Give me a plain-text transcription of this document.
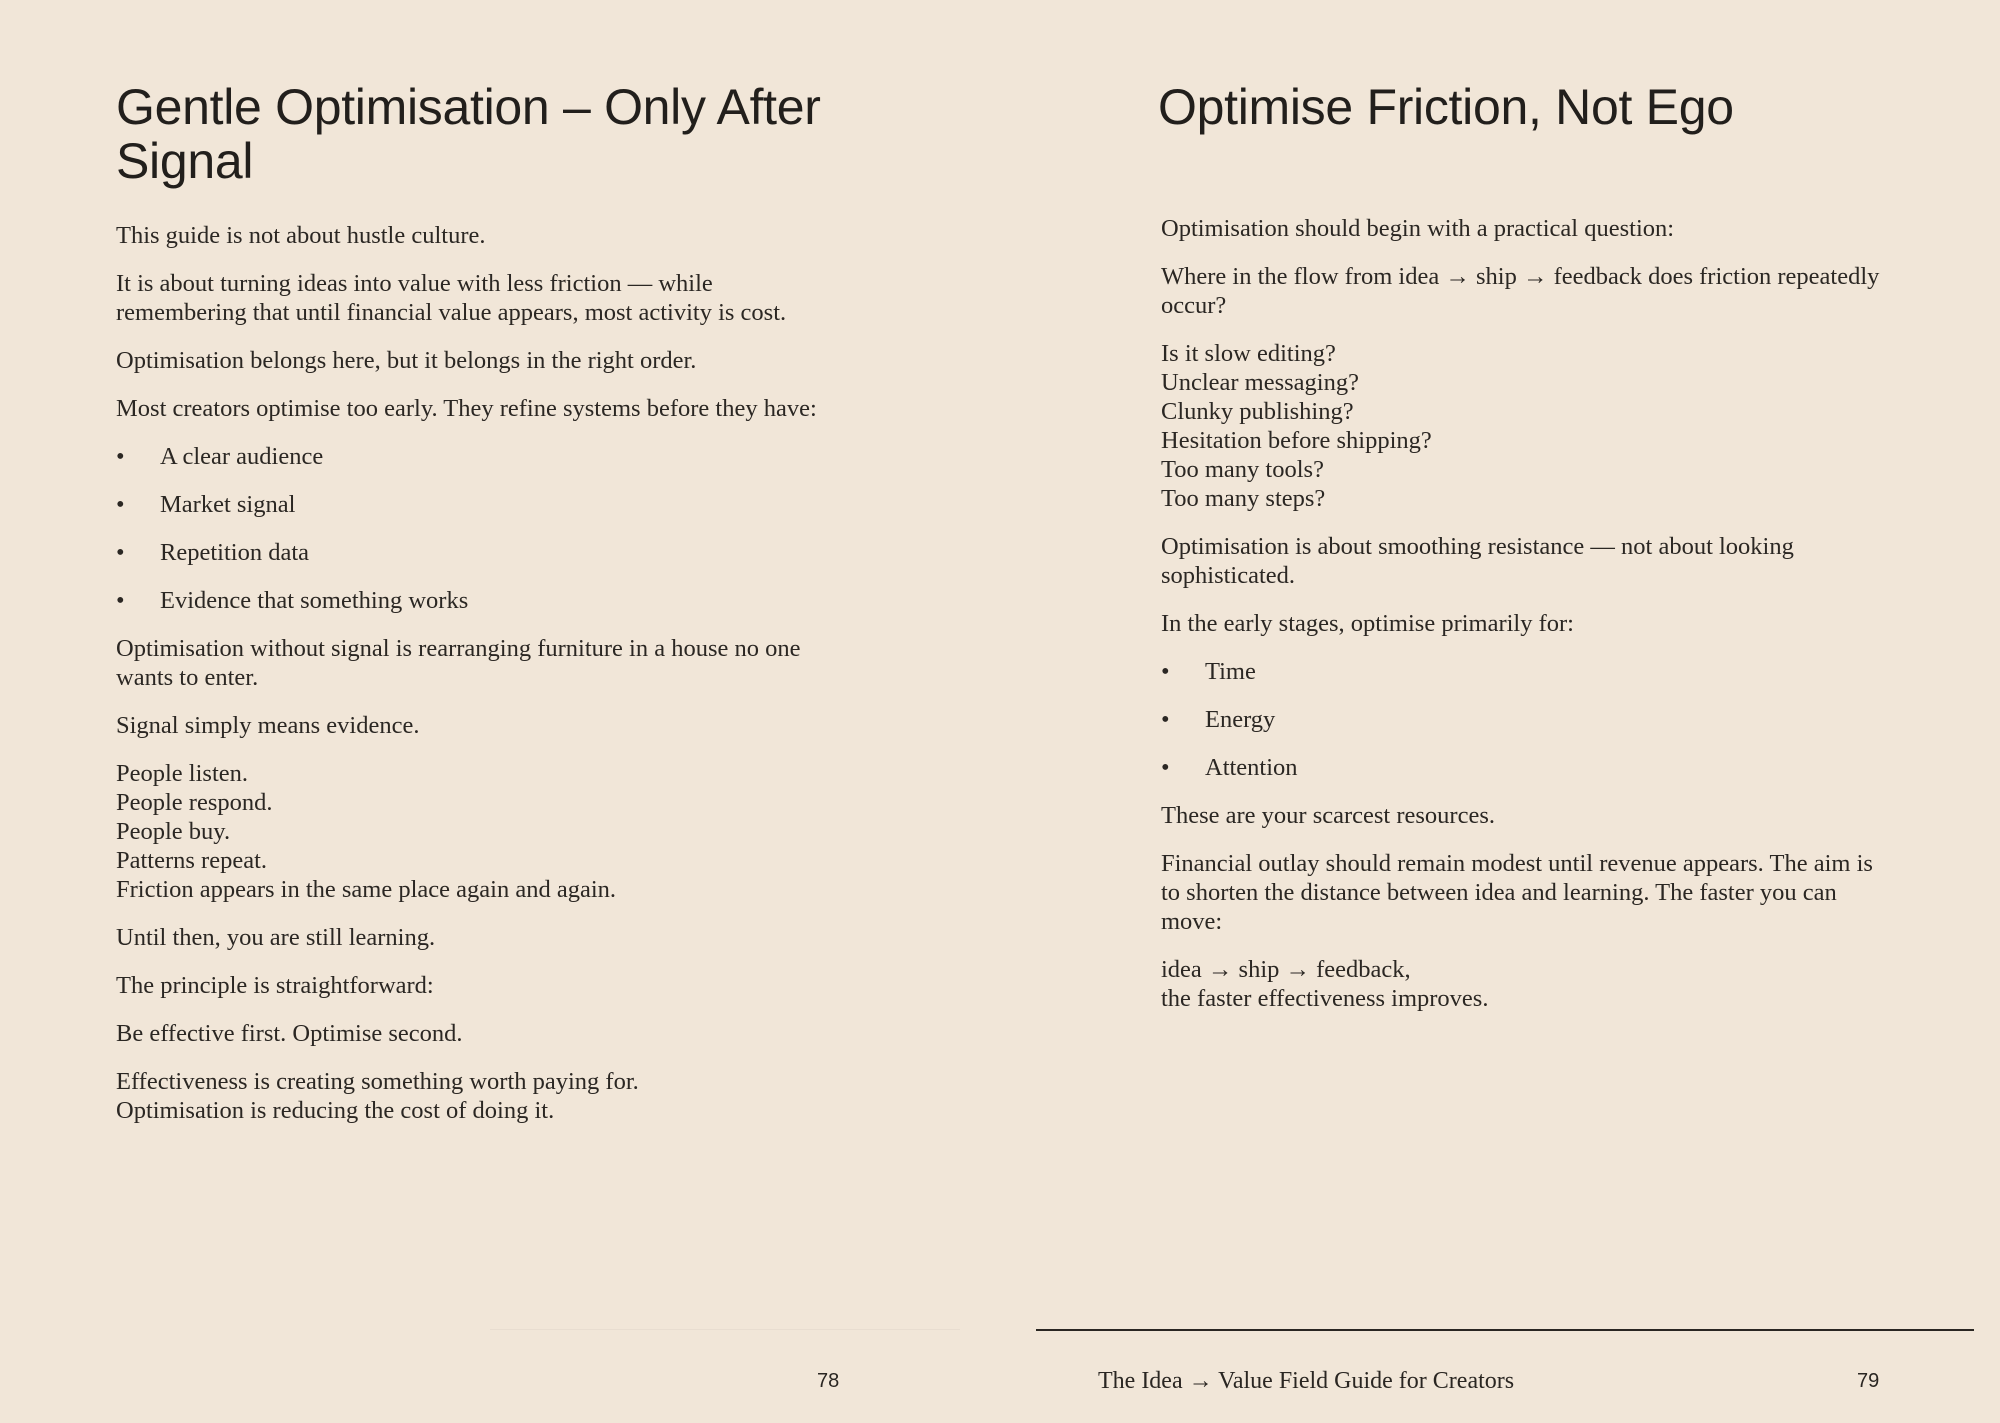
Gentle Optimisation – Only After Signal

This guide is not about hustle culture.

It is about turning ideas into value with less friction — while remembering that until financial value appears, most activity is cost.

Optimisation belongs here, but it belongs in the right order.

Most creators optimise too early. They refine systems before they have:

• A clear audience
• Market signal
• Repetition data
• Evidence that something works

Optimisation without signal is rearranging furniture in a house no one wants to enter.

Signal simply means evidence.

People listen.
People respond.
People buy.
Patterns repeat.
Friction appears in the same place again and again.

Until then, you are still learning.

The principle is straightforward:

Be effective first. Optimise second.

Effectiveness is creating something worth paying for.
Optimisation is reducing the cost of doing it.

78
Optimise Friction, Not Ego

Optimisation should begin with a practical question:

Where in the flow from idea → ship → feedback does friction repeatedly occur?

Is it slow editing?
Unclear messaging?
Clunky publishing?
Hesitation before shipping?
Too many tools?
Too many steps?

Optimisation is about smoothing resistance — not about looking sophisticated.

In the early stages, optimise primarily for:

• Time
• Energy
• Attention

These are your scarcest resources.

Financial outlay should remain modest until revenue appears. The aim is to shorten the distance between idea and learning. The faster you can move:

idea → ship → feedback,
the faster effectiveness improves.

The Idea → Value Field Guide for Creators	79
